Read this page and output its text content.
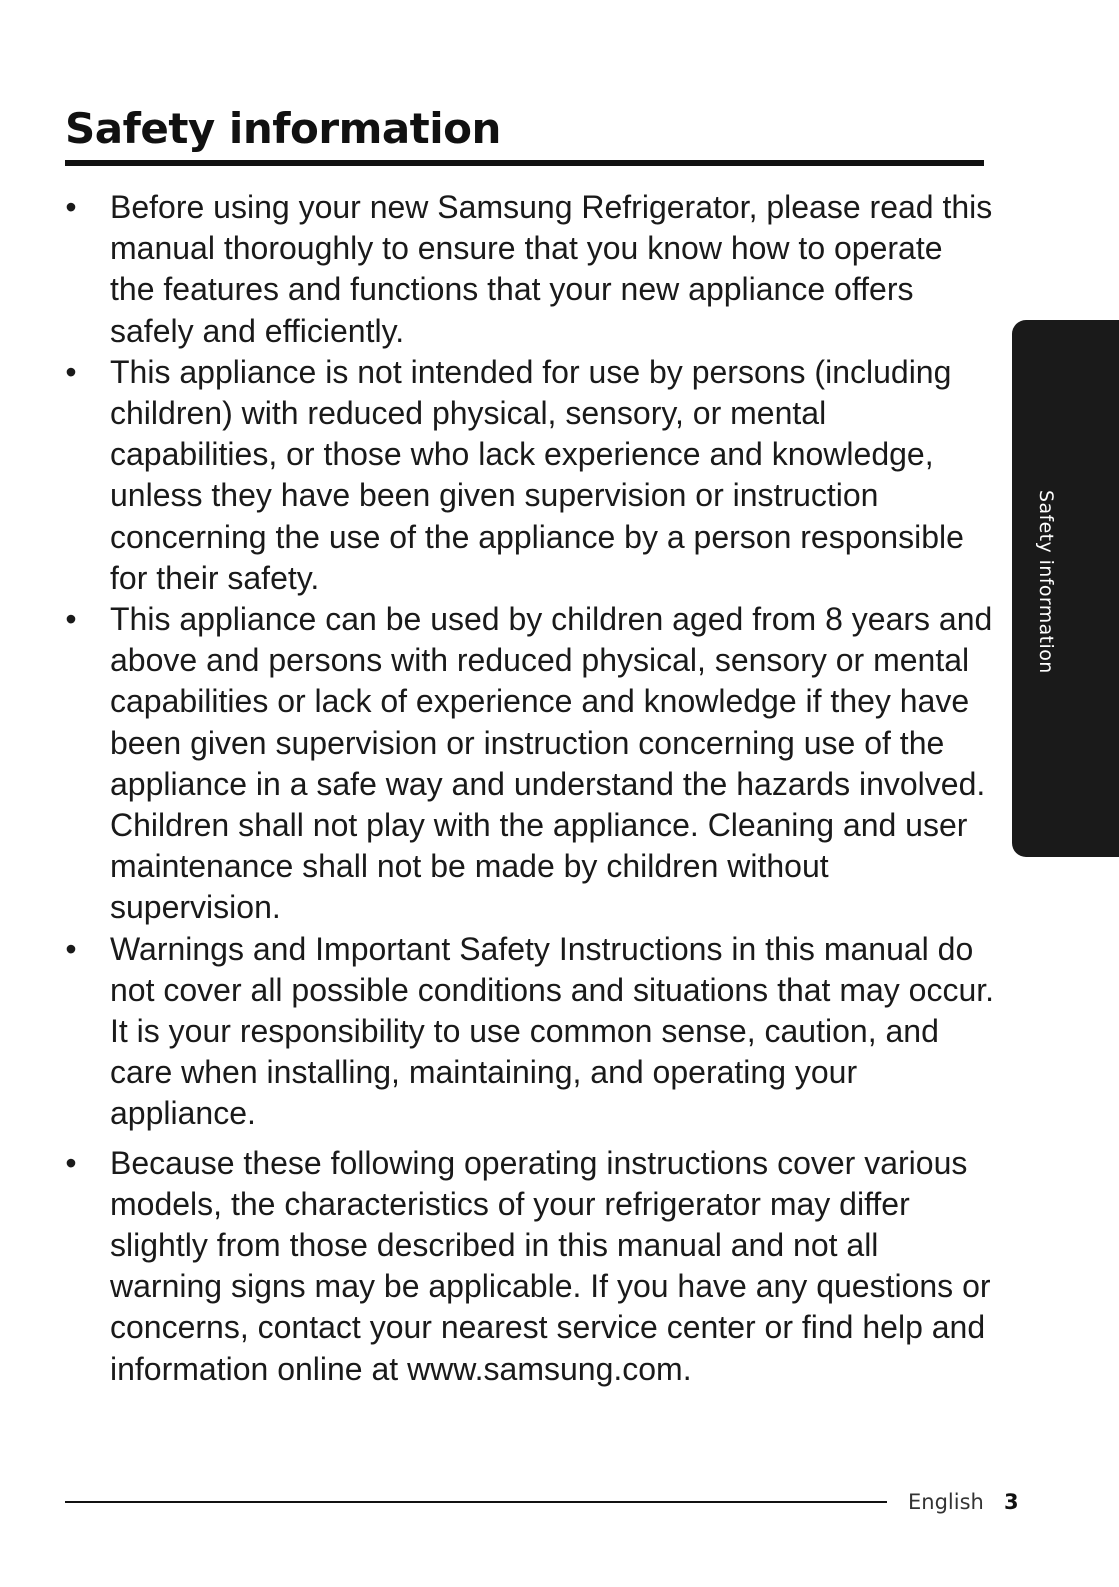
Safety information
• Before using your new Samsung Refrigerator, please read this manual thoroughly to ensure that you know how to operate the features and functions that your new appliance offers safely and efficiently.
• This appliance is not intended for use by persons (including children) with reduced physical, sensory, or mental capabilities, or those who lack experience and knowledge, unless they have been given supervision or instruction concerning the use of the appliance by a person responsible for their safety.
• This appliance can be used by children aged from 8 years and above and persons with reduced physical, sensory or mental capabilities or lack of experience and knowledge if they have been given supervision or instruction concerning use of the appliance in a safe way and understand the hazards involved. Children shall not play with the appliance. Cleaning and user maintenance shall not be made by children without supervision.
• Warnings and Important Safety Instructions in this manual do not cover all possible conditions and situations that may occur.
It is your responsibility to use common sense, caution, and care when installing, maintaining, and operating your appliance.
• Because these following operating instructions cover various models, the characteristics of your refrigerator may differ slightly from those described in this manual and not all warning signs may be applicable. If you have any questions or concerns, contact your nearest service center or find help and information online at www.samsung.com.
Safety information
English 3
